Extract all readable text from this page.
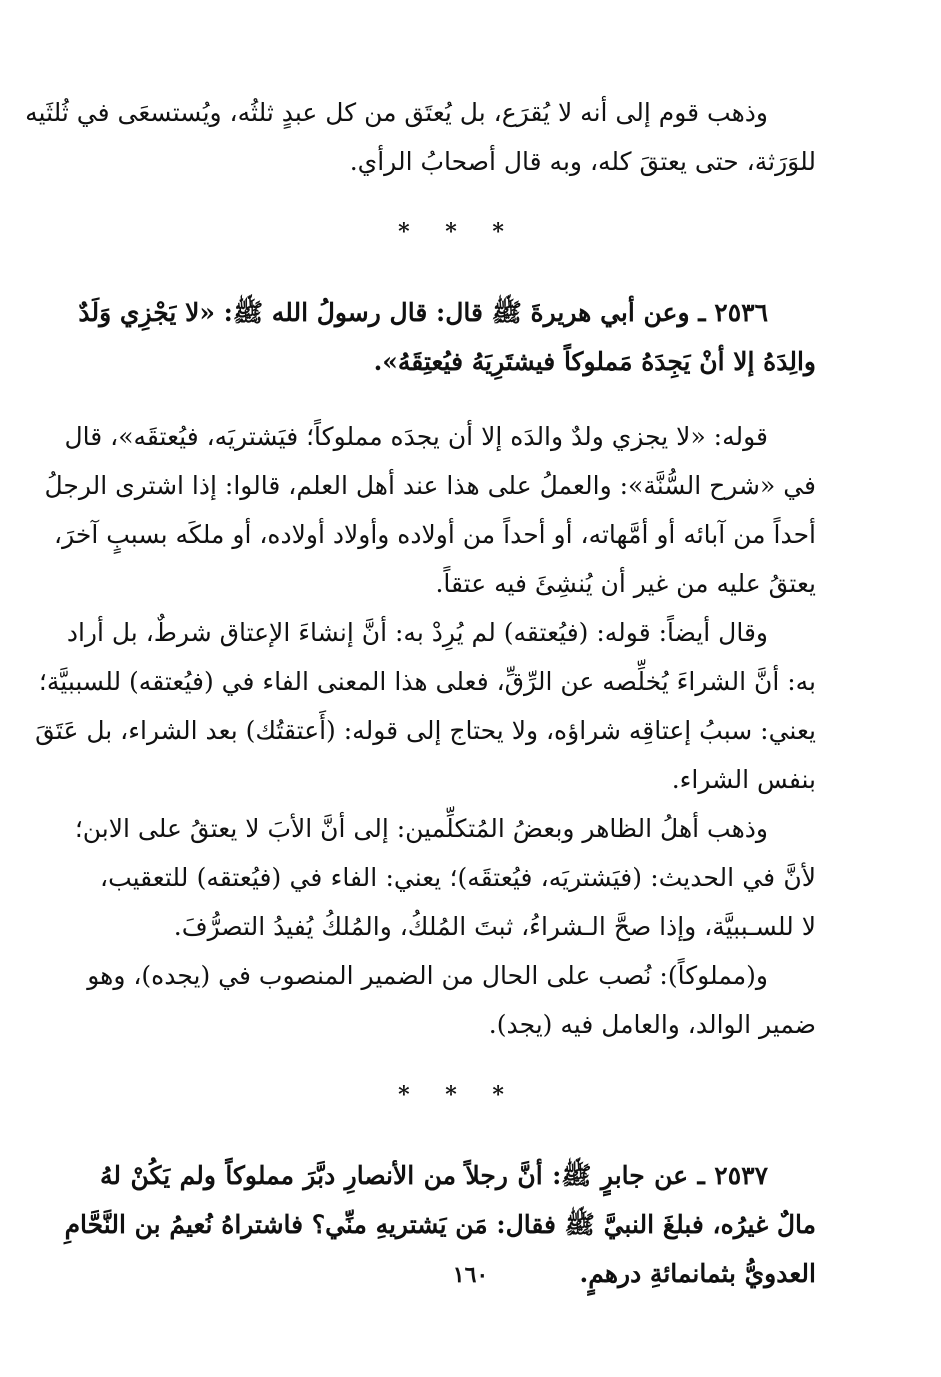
وذهب قوم إلى أنه لا يُقرَع، بل يُعتَق من كل عبدٍ ثلثُه، ويُستسعَى في ثُلثَيه
للوَرَثة، حتى يعتقَ كله، وبه قال أصحابُ الرأي.
* * *
٢٥٣٦ ـ وعن أبي هريرةَ ﷺ قال: قال رسولُ الله ﷺ: «لا يَجْزِي وَلَدٌ
والِدَهُ إلا أنْ يَجِدَهُ مَملوكاً فيشتَرِيَهُ فيُعتِقَهُ».
قوله: «لا يجزي ولدٌ والدَه إلا أن يجدَه مملوكاً؛ فيَشتريَه، فيُعتقَه»، قال
في «شرح السُّنَّة»: والعملُ على هذا عند أهل العلم، قالوا: إذا اشترى الرجلُ
أحداً من آبائه أو أمَّهاته، أو أحداً من أولاده وأولاد أولاده، أو ملكَه بسببٍ آخرَ،
يعتقُ عليه من غير أن يُنشِئَ فيه عتقاً.
وقال أيضاً: قوله: (فيُعتقه) لم يُرِدْ به: أنَّ إنشاءَ الإعتاق شرطٌ، بل أراد
به: أنَّ الشراءَ يُخلِّصه عن الرِّقِّ، فعلى هذا المعنى الفاء في (فيُعتقه) للسببيَّة؛
يعني: سببُ إعتاقِه شراؤه، ولا يحتاج إلى قوله: (أَعتقتُك) بعد الشراء، بل عَتَقَ
بنفس الشراء.
وذهب أهلُ الظاهر وبعضُ المُتكلِّمين: إلى أنَّ الأبَ لا يعتقُ على الابن؛
لأنَّ في الحديث: (فيَشتريَه، فيُعتقَه)؛ يعني: الفاء في (فيُعتقه) للتعقيب،
لا للسـببيَّة، وإذا صحَّ الـشراءُ، ثبتَ المُلكُ، والمُلكُ يُفيدُ التصرُّفَ.
و(مملوكاً): نُصب على الحال من الضمير المنصوب في (يجده)، وهو
ضمير الوالد، والعامل فيه (يجد).
* * *
٢٥٣٧ ـ عن جابرٍ ﷺ: أنَّ رجلاً من الأنصارِ دبَّرَ مملوكاً ولم يَكُنْ لهُ
مالٌ غيرُه، فبلغَ النبيَّ ﷺ فقال: مَن يَشتريهِ منِّي؟ فاشتراهُ نُعيمُ بن النَّحَّامِ
العدويُّ بثمانمائةِ درهمٍ.
١٦٠
